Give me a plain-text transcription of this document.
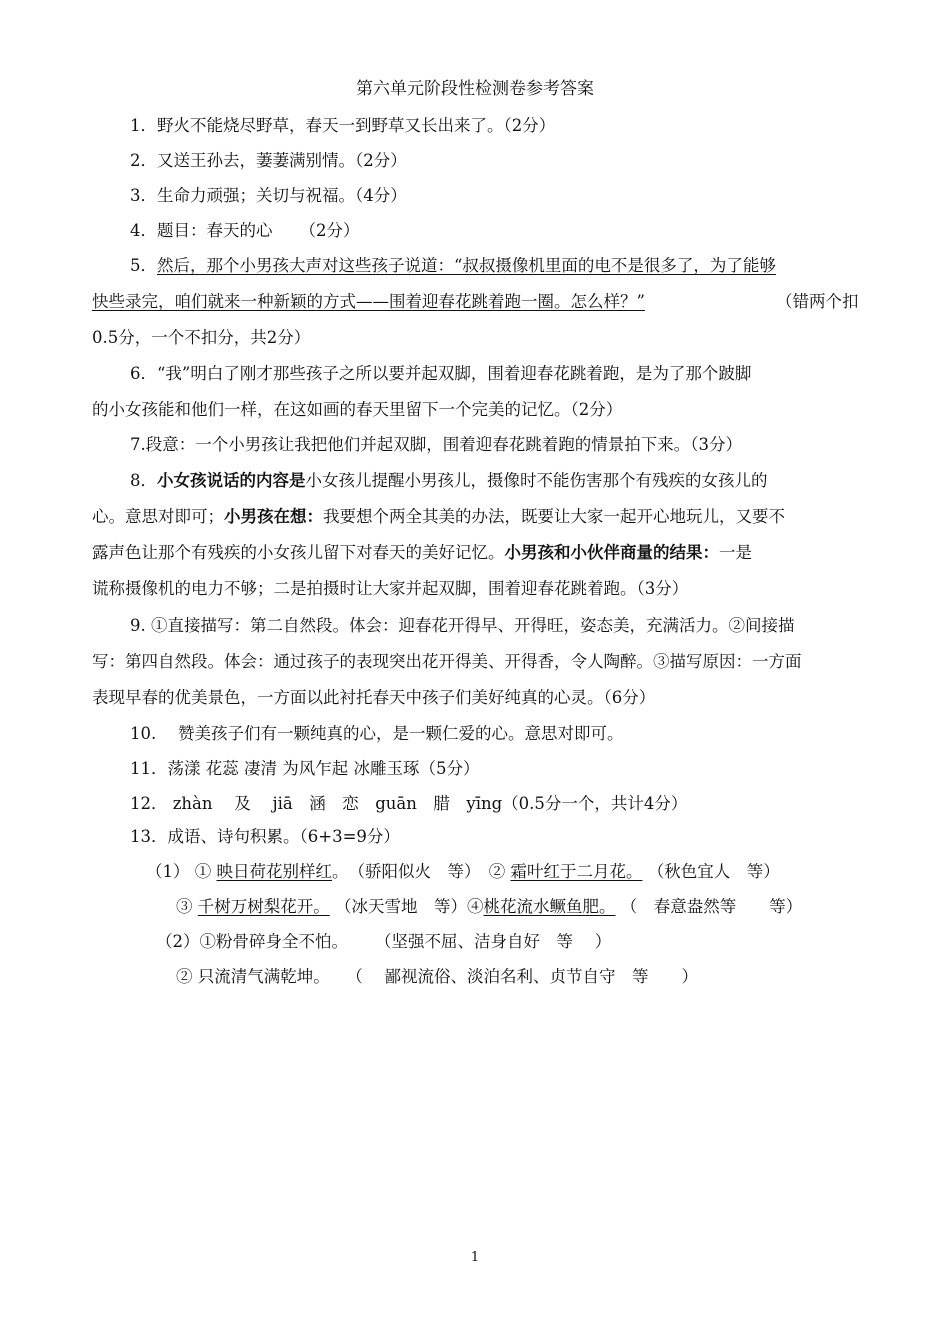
第六单元阶段性检测卷参考答案
1．野火不能烧尽野草，春天一到野草又长出来了。（2分）
2．又送王孙去，萋萋满别情。（2分）
3．生命力顽强；关切与祝福。（4分）
4．题目：春天的心 　 （2分）
5．然后，那个小男孩大声对这些孩子说道：“叔叔摄像机里面的电不是很多了，为了能够
快些录完，咱们就来一种新颖的方式——围着迎春花跳着跑一圈。怎么样？”	（错两个扣
0.5分，一个不扣分，共2分）
6．“我”明白了刚才那些孩子之所以要并起双脚，围着迎春花跳着跑，是为了那个跛脚
的小女孩能和他们一样，在这如画的春天里留下一个完美的记忆。（2分）
7.段意：一个小男孩让我把他们并起双脚，围着迎春花跳着跑的情景拍下来。（3分）
8．小女孩说话的内容是小女孩儿提醒小男孩儿，摄像时不能伤害那个有残疾的女孩儿的
心。意思对即可；小男孩在想：我要想个两全其美的办法，既要让大家一起开心地玩儿，又要不
露声色让那个有残疾的小女孩儿留下对春天的美好记忆。小男孩和小伙伴商量的结果：一是
谎称摄像机的电力不够；二是拍摄时让大家并起双脚，围着迎春花跳着跑。（3分）
9. ①直接描写：第二自然段。体会：迎春花开得早、开得旺，姿态美，充满活力。②间接描
写：第四自然段。体会：通过孩子的表现突出花开得美、开得香，令人陶醉。③描写原因：一方面
表现早春的优美景色，一方面以此衬托春天中孩子们美好纯真的心灵。（6分）
10. 　赞美孩子们有一颗纯真的心，是一颗仁爱的心。意思对即可。
11．荡漾 花蕊 凄清 为风乍起 冰雕玉琢（5分）
12． zhàn 　及　 jiā　涵　恋　guān　腊　yīng（0.5分一个，共计4分）
13．成语、诗句积累。（6+3=9分）
（1） ① 映日荷花别样红。　（骄阳似火　等）　② 霜叶红于二月花。 （秋色宜人　等）
③ 千树万树梨花开。 （冰天雪地　等）④桃花流水鳜鱼肥。 （　春意盎然等　　等）
（2）①粉骨碎身全不怕。 　 （坚强不屈、洁身自好　等 　）
② 只流清气满乾坤。　　（　 鄙视流俗、淡泊名利、贞节自守　等　　）
1
